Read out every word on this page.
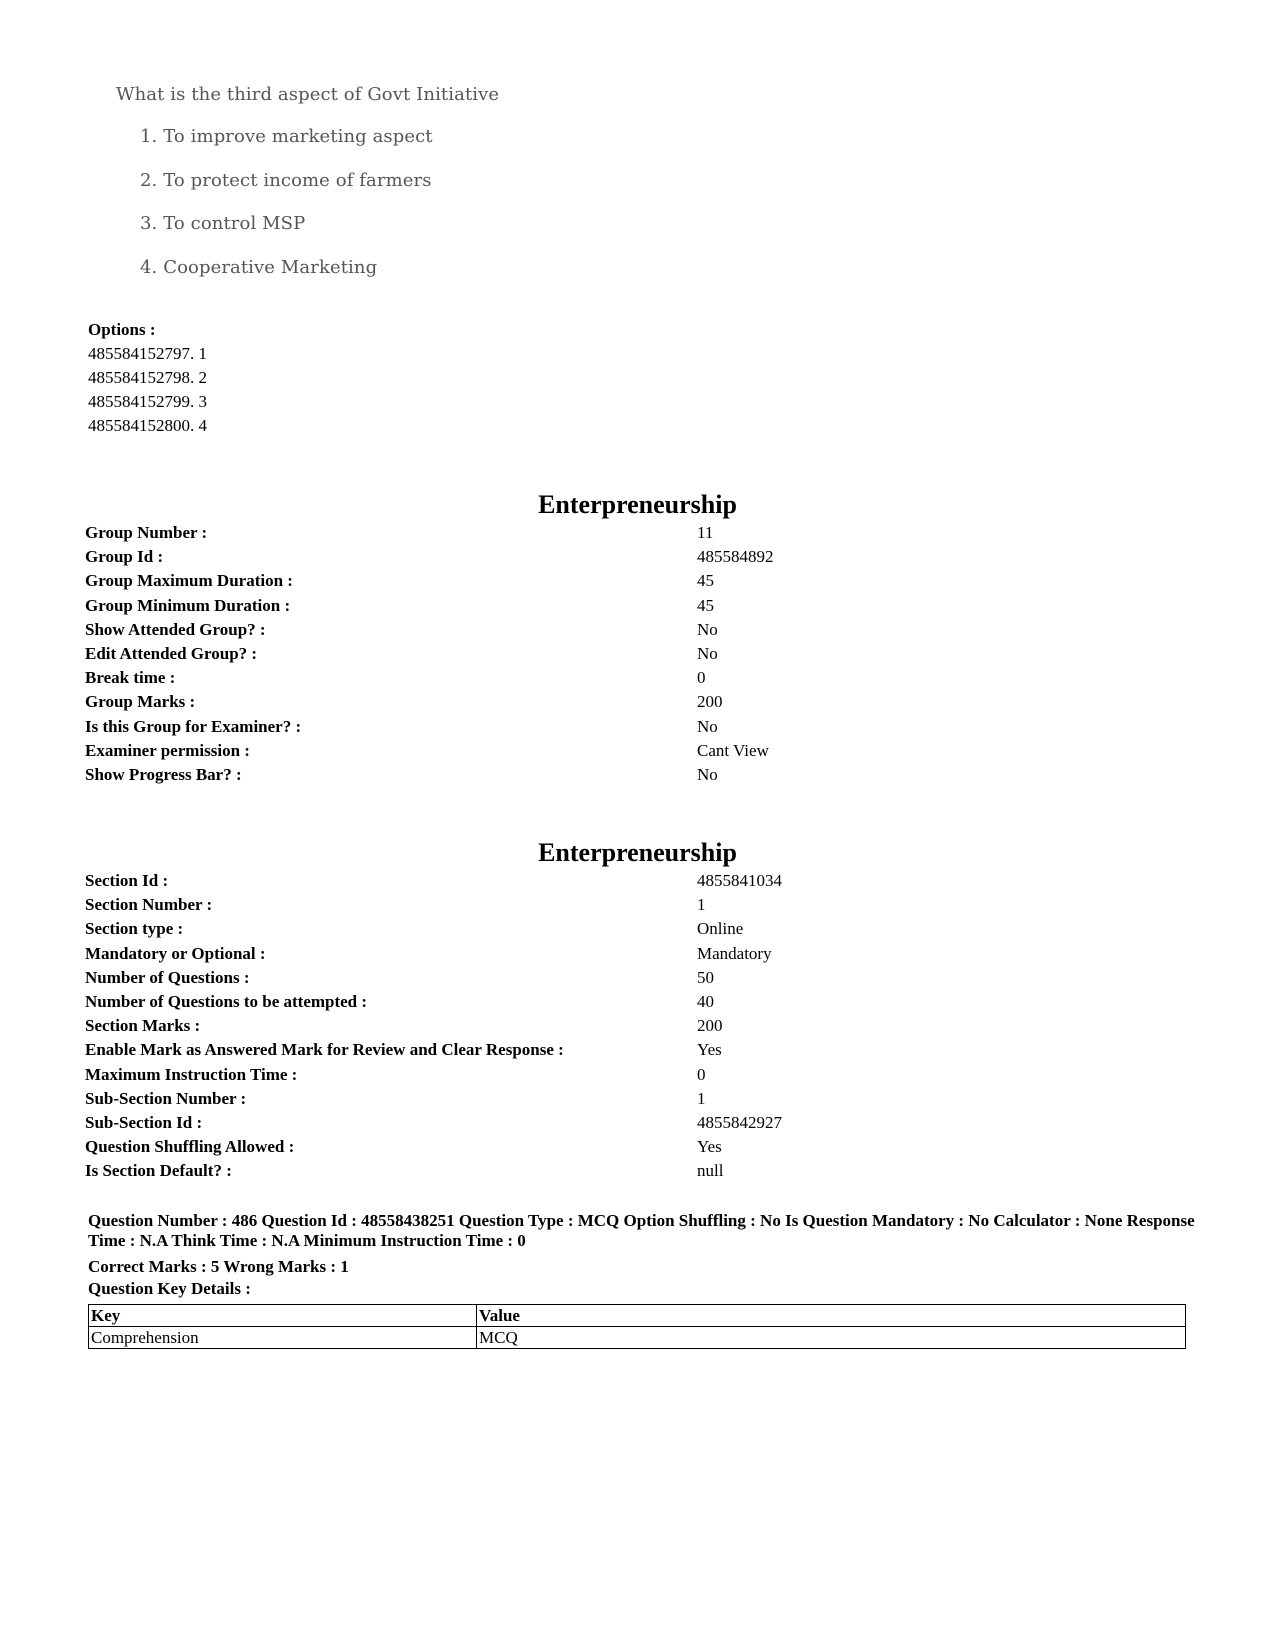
What is the third aspect of Govt Initiative
1. To improve marketing aspect
2. To protect income of farmers
3. To control MSP
4. Cooperative Marketing
Options :
485584152797. 1
485584152798. 2
485584152799. 3
485584152800. 4
Enterpreneurship
Group Number :	11
Group Id :	485584892
Group Maximum Duration :	45
Group Minimum Duration :	45
Show Attended Group? :	No
Edit Attended Group? :	No
Break time :	0
Group Marks :	200
Is this Group for Examiner? :	No
Examiner permission :	Cant View
Show Progress Bar? :	No
Enterpreneurship
Section Id :	4855841034
Section Number :	1
Section type :	Online
Mandatory or Optional :	Mandatory
Number of Questions :	50
Number of Questions to be attempted :	40
Section Marks :	200
Enable Mark as Answered Mark for Review and Clear Response :	Yes
Maximum Instruction Time :	0
Sub-Section Number :	1
Sub-Section Id :	4855842927
Question Shuffling Allowed :	Yes
Is Section Default? :	null
Question Number : 486 Question Id : 48558438251 Question Type : MCQ Option Shuffling : No Is Question Mandatory : No Calculator : None Response Time : N.A Think Time : N.A Minimum Instruction Time : 0
Correct Marks : 5 Wrong Marks : 1
Question Key Details :
Key	Value
Comprehension	MCQ
